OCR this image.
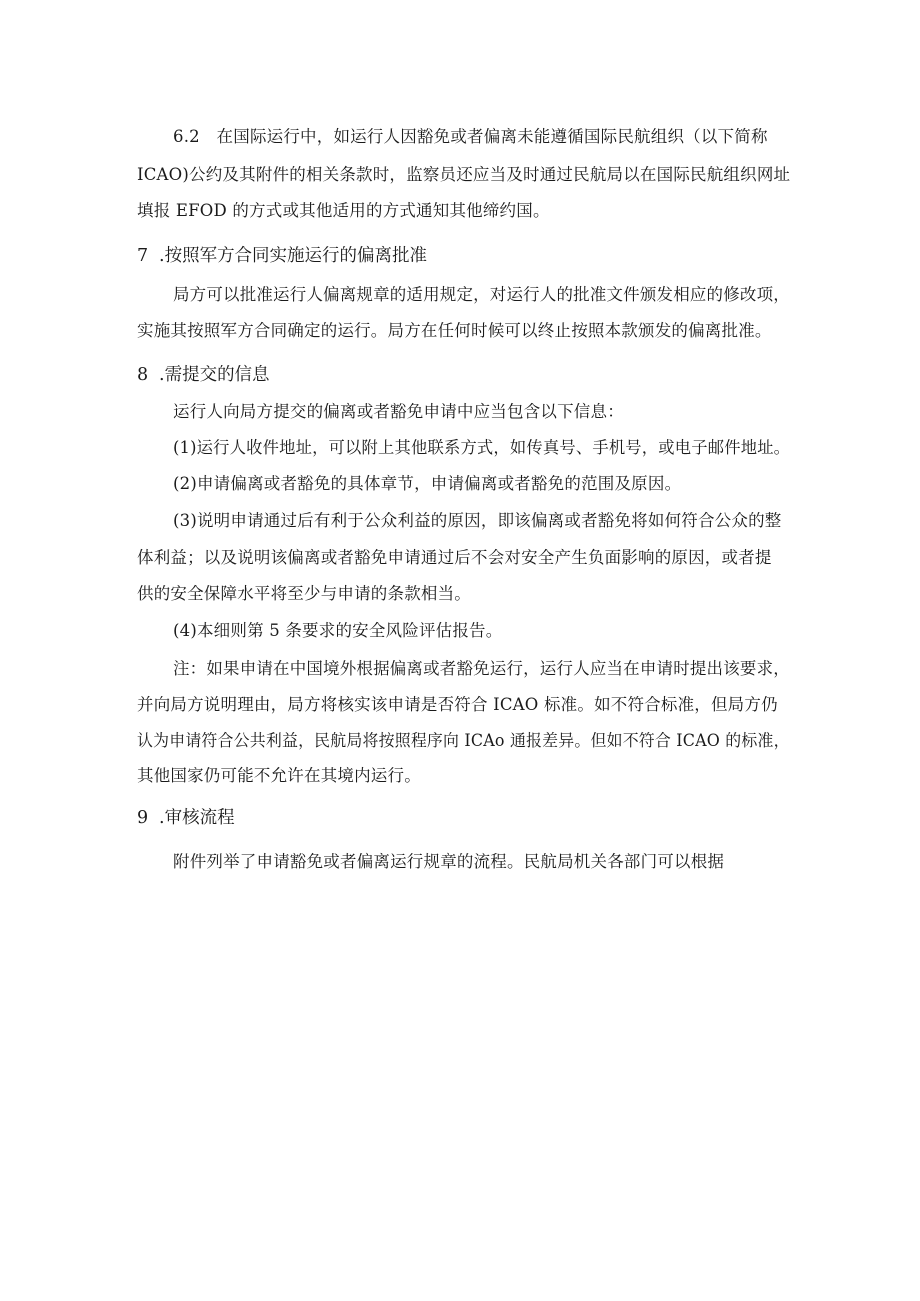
6.2　在国际运行中，如运行人因豁免或者偏离未能遵循国际民航组织（以下简称
ICAO)公约及其附件的相关条款时，监察员还应当及时通过民航局以在国际民航组织网址
填报 EFOD 的方式或其他适用的方式通知其他缔约国。
7 .按照军方合同实施运行的偏离批准
局方可以批准运行人偏离规章的适用规定，对运行人的批准文件颁发相应的修改项，
实施其按照军方合同确定的运行。局方在任何时候可以终止按照本款颁发的偏离批准。
8 .需提交的信息
运行人向局方提交的偏离或者豁免申请中应当包含以下信息：
(1)运行人收件地址，可以附上其他联系方式，如传真号、手机号，或电子邮件地址。
(2)申请偏离或者豁免的具体章节，申请偏离或者豁免的范围及原因。
(3)说明申请通过后有利于公众利益的原因，即该偏离或者豁免将如何符合公众的整
体利益；以及说明该偏离或者豁免申请通过后不会对安全产生负面影响的原因，或者提
供的安全保障水平将至少与申请的条款相当。
(4)本细则第 5 条要求的安全风险评估报告。
注：如果申请在中国境外根据偏离或者豁免运行，运行人应当在申请时提出该要求，
并向局方说明理由，局方将核实该申请是否符合 ICAO 标准。如不符合标准，但局方仍
认为申请符合公共利益，民航局将按照程序向 ICAo 通报差异。但如不符合 ICAO 的标准，
其他国家仍可能不允许在其境内运行。
9 .审核流程
附件列举了申请豁免或者偏离运行规章的流程。民航局机关各部门可以根据
